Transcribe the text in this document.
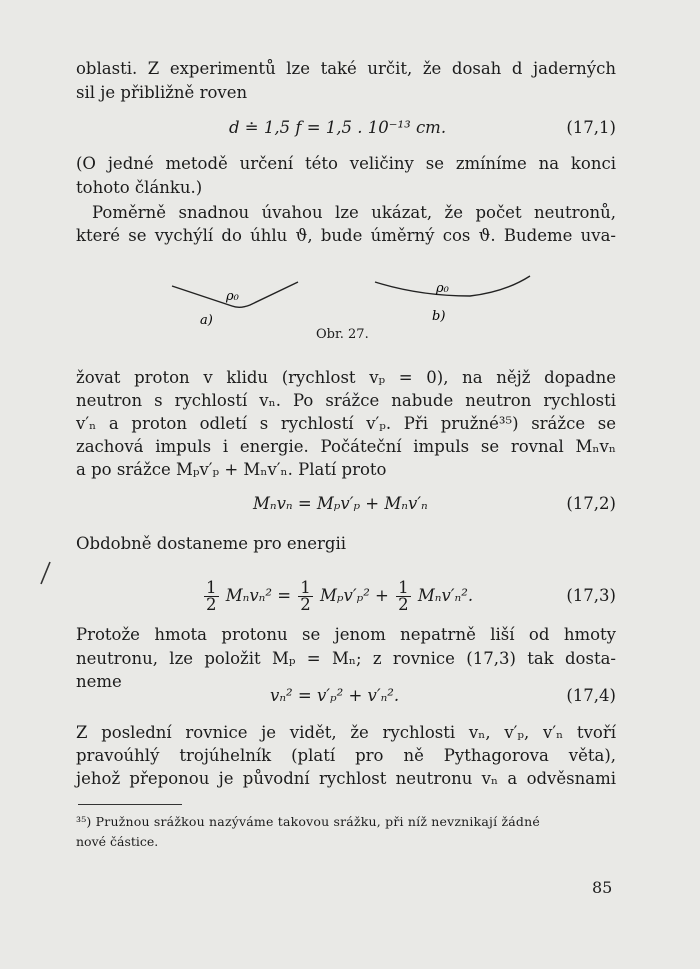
oblasti. Z experimentů lze také určit, že dosah d jaderných
sil je přibližně roven
d ≐ 1,5 f = 1,5 . 10⁻¹³ cm.	(17,1)
(O jedné metodě určení této veličiny se zmíníme na konci
tohoto článku.)
Poměrně snadnou úvahou lze ukázat, že počet neutronů,
které se vychýlí do úhlu ϑ, bude úměrný cos ϑ. Budeme uva-
ρ₀
ρ₀
a)	b)
Obr. 27.
žovat proton v klidu (rychlost vₚ = 0), na nějž dopadne
neutron s rychlostí vₙ. Po srážce nabude neutron rychlosti
v′ₙ a proton odletí s rychlostí v′ₚ. Při pružné³⁵) srážce se
zachová impuls i energie. Počáteční impuls se rovnal Mₙvₙ
a po srážce Mₚv′ₚ + Mₙv′ₙ. Platí proto
Mₙvₙ = Mₚv′ₚ + Mₙv′ₙ	(17,2)
Obdobně dostaneme pro energii
$\frac{1}{2} M_nv_n^2 = \frac{1}{2} M_pv'_p^2 + \frac{1}{2} M_nv'_n^2$.	(17,3)
Protože hmota protonu se jenom nepatrně liší od hmoty
neutronu, lze položit Mₚ = Mₙ; z rovnice (17,3) tak dosta-
neme
vₙ² = v′ₚ² + v′ₙ².	(17,4)
Z poslední rovnice je vidět, že rychlosti vₙ, v′ₚ, v′ₙ tvoří
pravoúhlý trojúhelník (platí pro ně Pythagorova věta),
jehož přeponou je původní rychlost neutronu vₙ a odvěsnami
³⁵) Pružnou srážkou nazýváme takovou srážku, při níž nevznikají žádné
nové částice.
85
